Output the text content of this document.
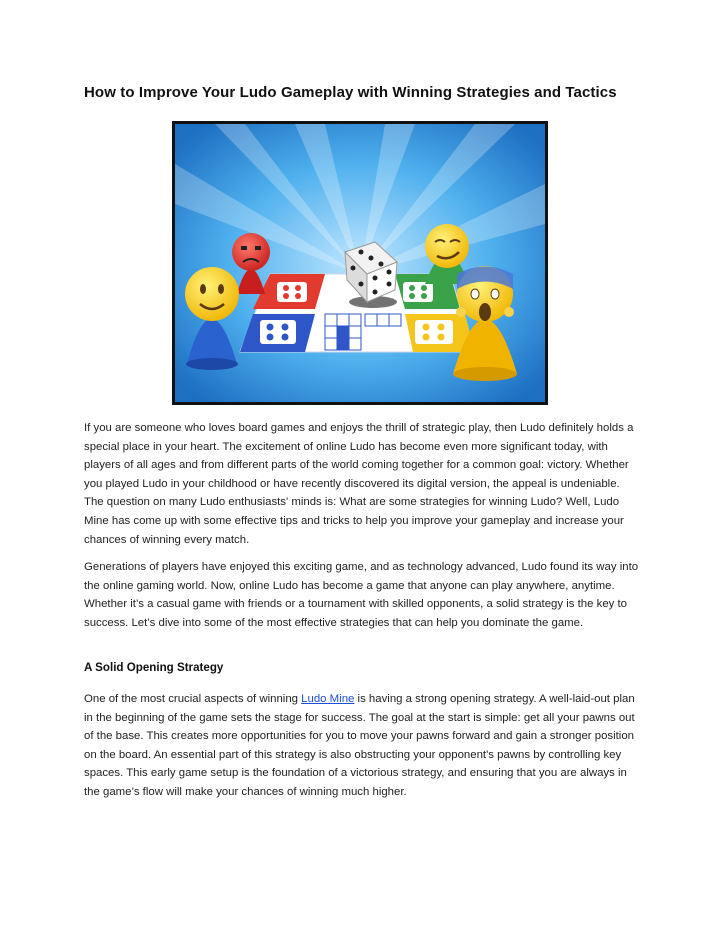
How to Improve Your Ludo Gameplay with Winning Strategies and Tactics

If you are someone who loves board games and enjoys the thrill of strategic play, then Ludo definitely holds a special place in your heart. The excitement of online Ludo has become even more significant today, with players of all ages and from different parts of the world coming together for a common goal: victory. Whether you played Ludo in your childhood or have recently discovered its digital version, the appeal is undeniable. The question on many Ludo enthusiasts' minds is: What are some strategies for winning Ludo? Well, Ludo Mine has come up with some effective tips and tricks to help you improve your gameplay and increase your chances of winning every match.

Generations of players have enjoyed this exciting game, and as technology advanced, Ludo found its way into the online gaming world. Now, online Ludo has become a game that anyone can play anywhere, anytime. Whether it’s a casual game with friends or a tournament with skilled opponents, a solid strategy is the key to success. Let’s dive into some of the most effective strategies that can help you dominate the game.

A Solid Opening Strategy

One of the most crucial aspects of winning Ludo Mine is having a strong opening strategy. A well-laid-out plan in the beginning of the game sets the stage for success. The goal at the start is simple: get all your pawns out of the base. This creates more opportunities for you to move your pawns forward and gain a stronger position on the board. An essential part of this strategy is also obstructing your opponent's pawns by controlling key spaces. This early game setup is the foundation of a victorious strategy, and ensuring that you are always in the game’s flow will make your chances of winning much higher.
